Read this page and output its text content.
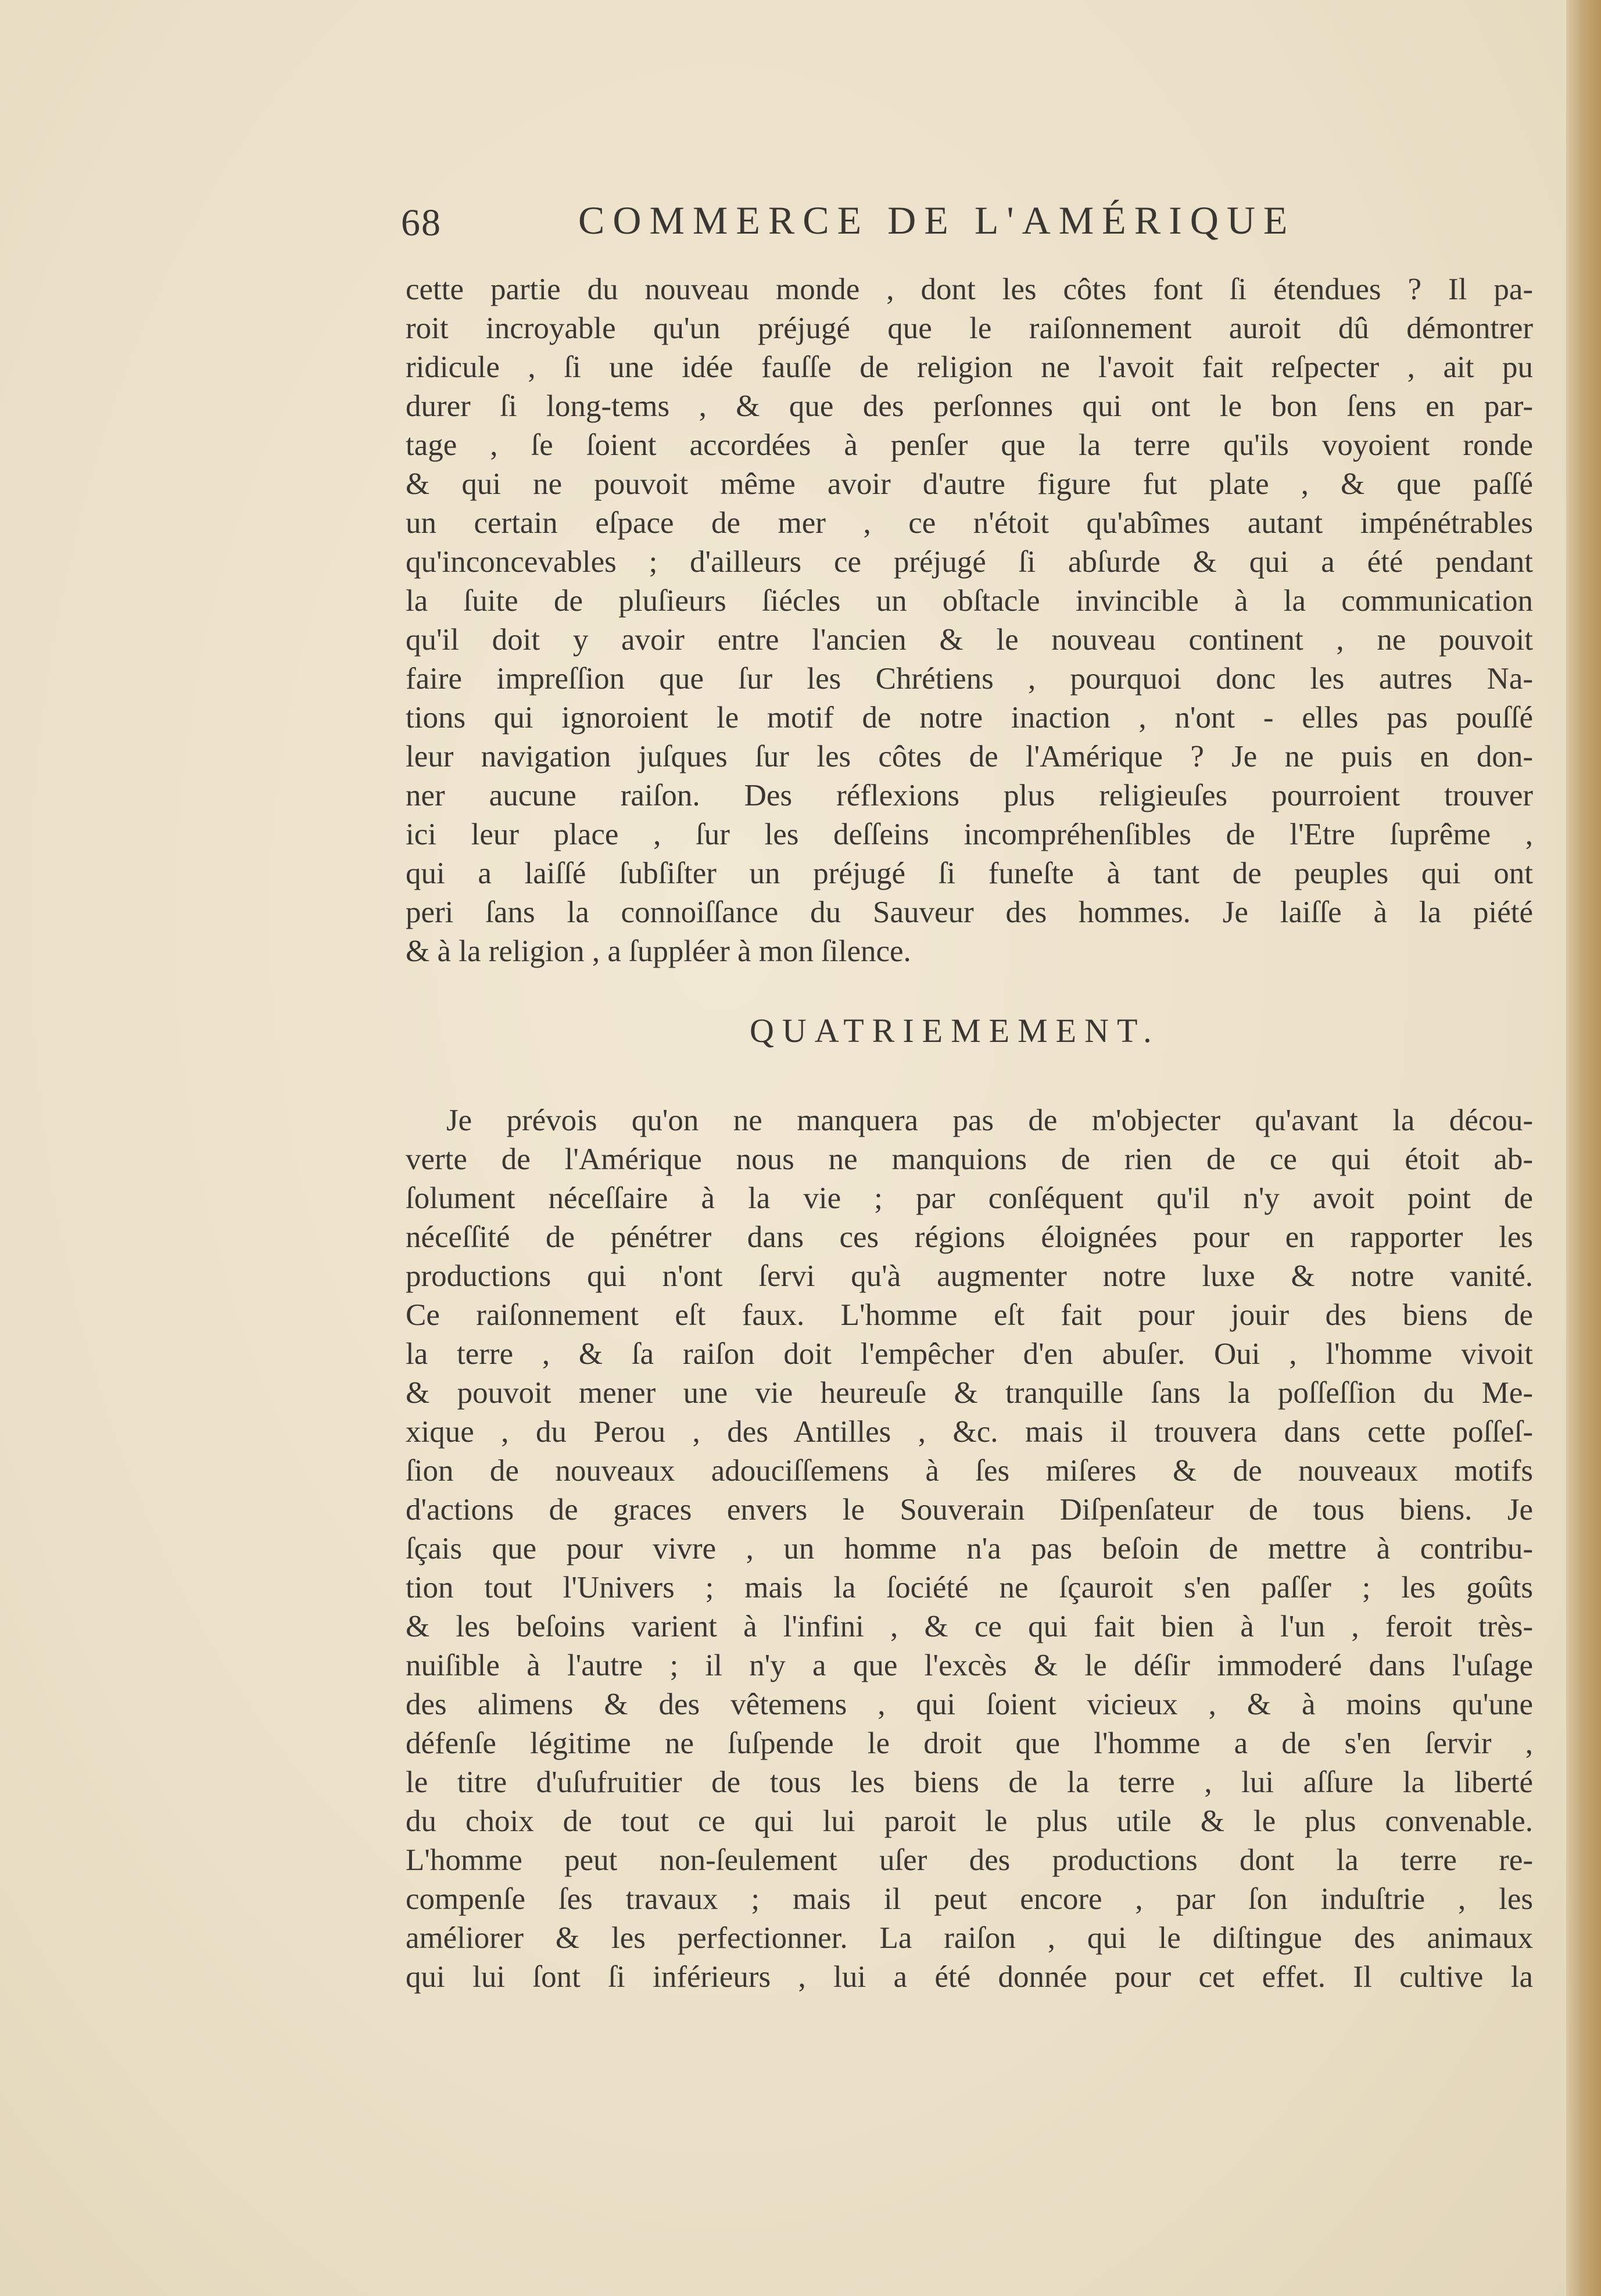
68	COMMERCE DE L'AMÉRIQUE
cette partie du nouveau monde , dont les côtes font ſi étendues ? Il pa-
roit incroyable qu'un préjugé que le raiſonnement auroit dû démontrer
ridicule , ſi une idée fauſſe de religion ne l'avoit fait reſpecter , ait pu
durer ſi long-tems , & que des perſonnes qui ont le bon ſens en par-
tage , ſe ſoient accordées à penſer que la terre qu'ils voyoient ronde
& qui ne pouvoit même avoir d'autre figure fut plate , & que paſſé
un certain eſpace de mer , ce n'étoit qu'abîmes autant impénétrables
qu'inconcevables ; d'ailleurs ce préjugé ſi abſurde & qui a été pendant
la ſuite de pluſieurs ſiécles un obſtacle invincible à la communication
qu'il doit y avoir entre l'ancien & le nouveau continent , ne pouvoit
faire impreſſion que ſur les Chrétiens , pourquoi donc les autres Na-
tions qui ignoroient le motif de notre inaction , n'ont - elles pas pouſſé
leur navigation juſques ſur les côtes de l'Amérique ? Je ne puis en don-
ner aucune raiſon. Des réflexions plus religieuſes pourroient trouver
ici leur place , ſur les deſſeins incompréhenſibles de l'Etre ſuprême ,
qui a laiſſé ſubſiſter un préjugé ſi funeſte à tant de peuples qui ont
peri ſans la connoiſſance du Sauveur des hommes. Je laiſſe à la piété
& à la religion , a ſuppléer à mon ſilence.
QUATRIEMEMENT.
Je prévois qu'on ne manquera pas de m'objecter qu'avant la décou-
verte de l'Amérique nous ne manquions de rien de ce qui étoit ab-
ſolument néceſſaire à la vie ; par conſéquent qu'il n'y avoit point de
néceſſité de pénétrer dans ces régions éloignées pour en rapporter les
productions qui n'ont ſervi qu'à augmenter notre luxe & notre vanité.
Ce raiſonnement eſt faux. L'homme eſt fait pour jouir des biens de
la terre , & ſa raiſon doit l'empêcher d'en abuſer. Oui , l'homme vivoit
& pouvoit mener une vie heureuſe & tranquille ſans la poſſeſſion du Me-
xique , du Perou , des Antilles , &c. mais il trouvera dans cette poſſeſ-
ſion de nouveaux adouciſſemens à ſes miſeres & de nouveaux motifs
d'actions de graces envers le Souverain Diſpenſateur de tous biens. Je
ſçais que pour vivre , un homme n'a pas beſoin de mettre à contribu-
tion tout l'Univers ; mais la ſociété ne ſçauroit s'en paſſer ; les goûts
& les beſoins varient à l'infini , & ce qui fait bien à l'un , feroit très-
nuiſible à l'autre ; il n'y a que l'excès & le déſir immoderé dans l'uſage
des alimens & des vêtemens , qui ſoient vicieux , & à moins qu'une
défenſe légitime ne ſuſpende le droit que l'homme a de s'en ſervir ,
le titre d'uſufruitier de tous les biens de la terre , lui aſſure la liberté
du choix de tout ce qui lui paroit le plus utile & le plus convenable.
L'homme peut non-ſeulement uſer des productions dont la terre re-
compenſe ſes travaux ; mais il peut encore , par ſon induſtrie , les
améliorer & les perfectionner. La raiſon , qui le diſtingue des animaux
qui lui ſont ſi inférieurs , lui a été donnée pour cet effet. Il cultive la
